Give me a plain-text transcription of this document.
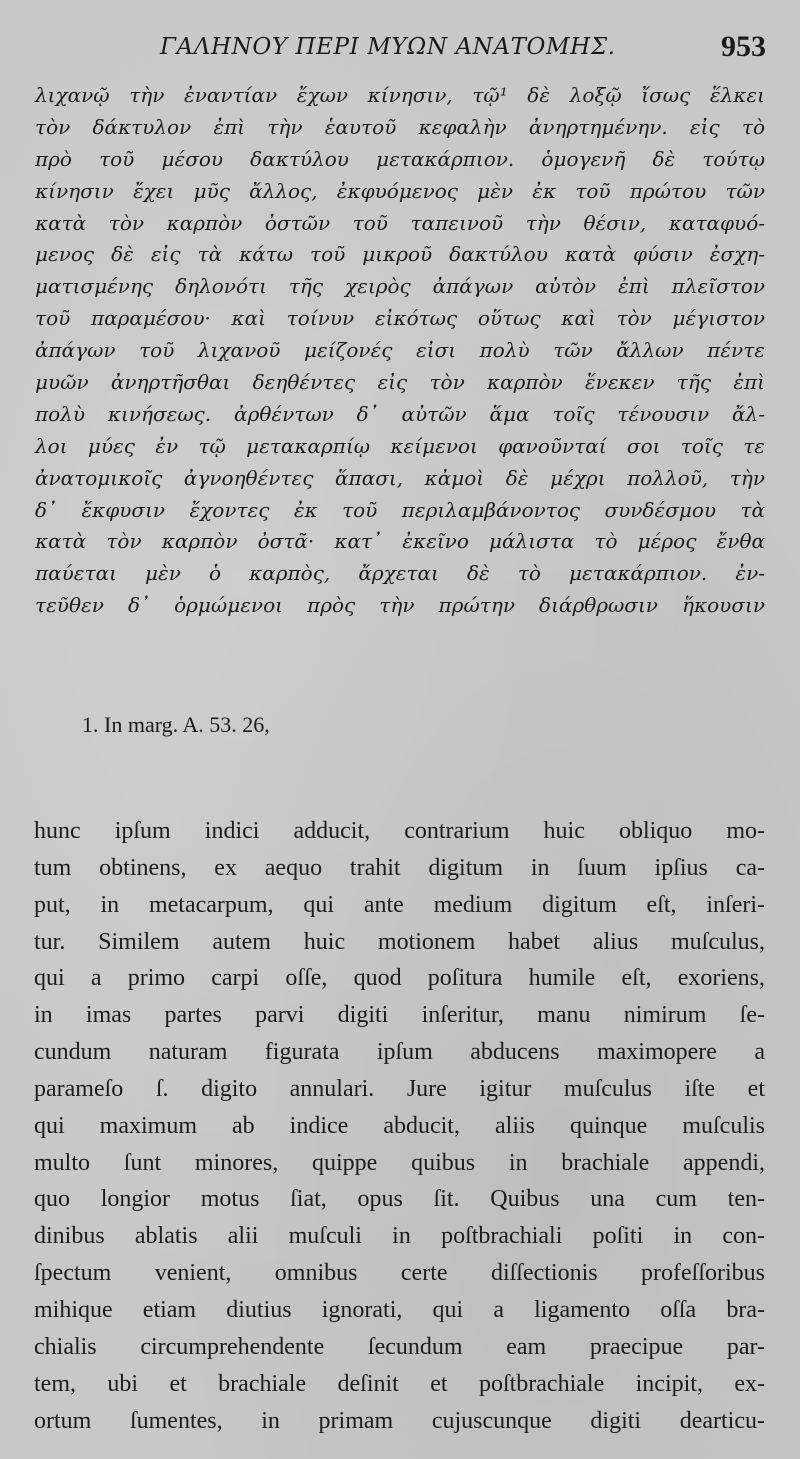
ΓΑΛΗΝΟΥ ΠΕΡΙ ΜΥΩΝ ΑΝΑΤΟΜΗΣ.	953
λιχανῷ τὴν ἐναντίαν ἔχων κίνησιν, τῷ¹ δὲ λοξῷ ἴσως ἕλκει
τὸν δάκτυλον ἐπὶ τὴν ἑαυτοῦ κεφαλὴν ἀνηρτημένην. εἰς τὸ
πρὸ τοῦ μέσου δακτύλου μετακάρπιον. ὁμογενῆ δὲ τούτῳ
κίνησιν ἔχει μῦς ἄλλος, ἐκφυόμενος μὲν ἐκ τοῦ πρώτου τῶν
κατὰ τὸν καρπὸν ὀστῶν τοῦ ταπεινοῦ τὴν θέσιν, καταφυό-
μενος δὲ εἰς τὰ κάτω τοῦ μικροῦ δακτύλου κατὰ φύσιν ἐσχη-
ματισμένης δηλονότι τῆς χειρὸς ἀπάγων αὐτὸν ἐπὶ πλεῖστον
τοῦ παραμέσου· καὶ τοίνυν εἰκότως οὕτως καὶ τὸν μέγιστον
ἀπάγων τοῦ λιχανοῦ μείζονές εἰσι πολὺ τῶν ἄλλων πέντε
μυῶν ἀνηρτῆσθαι δεηθέντες εἰς τὸν καρπὸν ἕνεκεν τῆς ἐπὶ
πολὺ κινήσεως. ἀρθέντων δ᾽ αὐτῶν ἅμα τοῖς τένουσιν ἄλ-
λοι μύες ἐν τῷ μετακαρπίῳ κείμενοι φανοῦνταί σοι τοῖς τε
ἀνατομικοῖς ἀγνοηθέντες ἅπασι, κἀμοὶ δὲ μέχρι πολλοῦ, τὴν
δ᾽ ἔκφυσιν ἔχοντες ἐκ τοῦ περιλαμβάνοντος συνδέσμου τὰ
κατὰ τὸν καρπὸν ὀστᾶ· κατ᾽ ἐκεῖνο μάλιστα τὸ μέρος ἔνθα
παύεται μὲν ὁ καρπὸς, ἄρχεται δὲ τὸ μετακάρπιον. ἐν-
τεῦθεν δ᾽ ὁρμώμενοι πρὸς τὴν πρώτην διάρθρωσιν ἥκουσιν
1. In marg. A. 53. 26,
hunc ipſum indici adducit, contrarium huic obliquo mo-
tum obtinens, ex aequo trahit digitum in ſuum ipſius ca-
put, in metacarpum, qui ante medium digitum eſt, inſeri-
tur. Similem autem huic motionem habet alius muſculus,
qui a primo carpi oſſe, quod poſitura humile eſt, exoriens,
in imas partes parvi digiti inſeritur, manu nimirum ſe-
cundum naturam figurata ipſum abducens maximopere a
parameſo ſ. digito annulari. Jure igitur muſculus iſte et
qui maximum ab indice abducit, aliis quinque muſculis
multo ſunt minores, quippe quibus in brachiale appendi,
quo longior motus ſiat, opus ſit. Quibus una cum ten-
dinibus ablatis alii muſculi in poſtbrachiali poſiti in con-
ſpectum venient, omnibus certe diſſectionis profeſſoribus
mihique etiam diutius ignorati, qui a ligamento oſſa bra-
chialis circumprehendente ſecundum eam praecipue par-
tem, ubi et brachiale deſinit et poſtbrachiale incipit, ex-
ortum ſumentes, in primam cujuscunque digiti dearticu-
